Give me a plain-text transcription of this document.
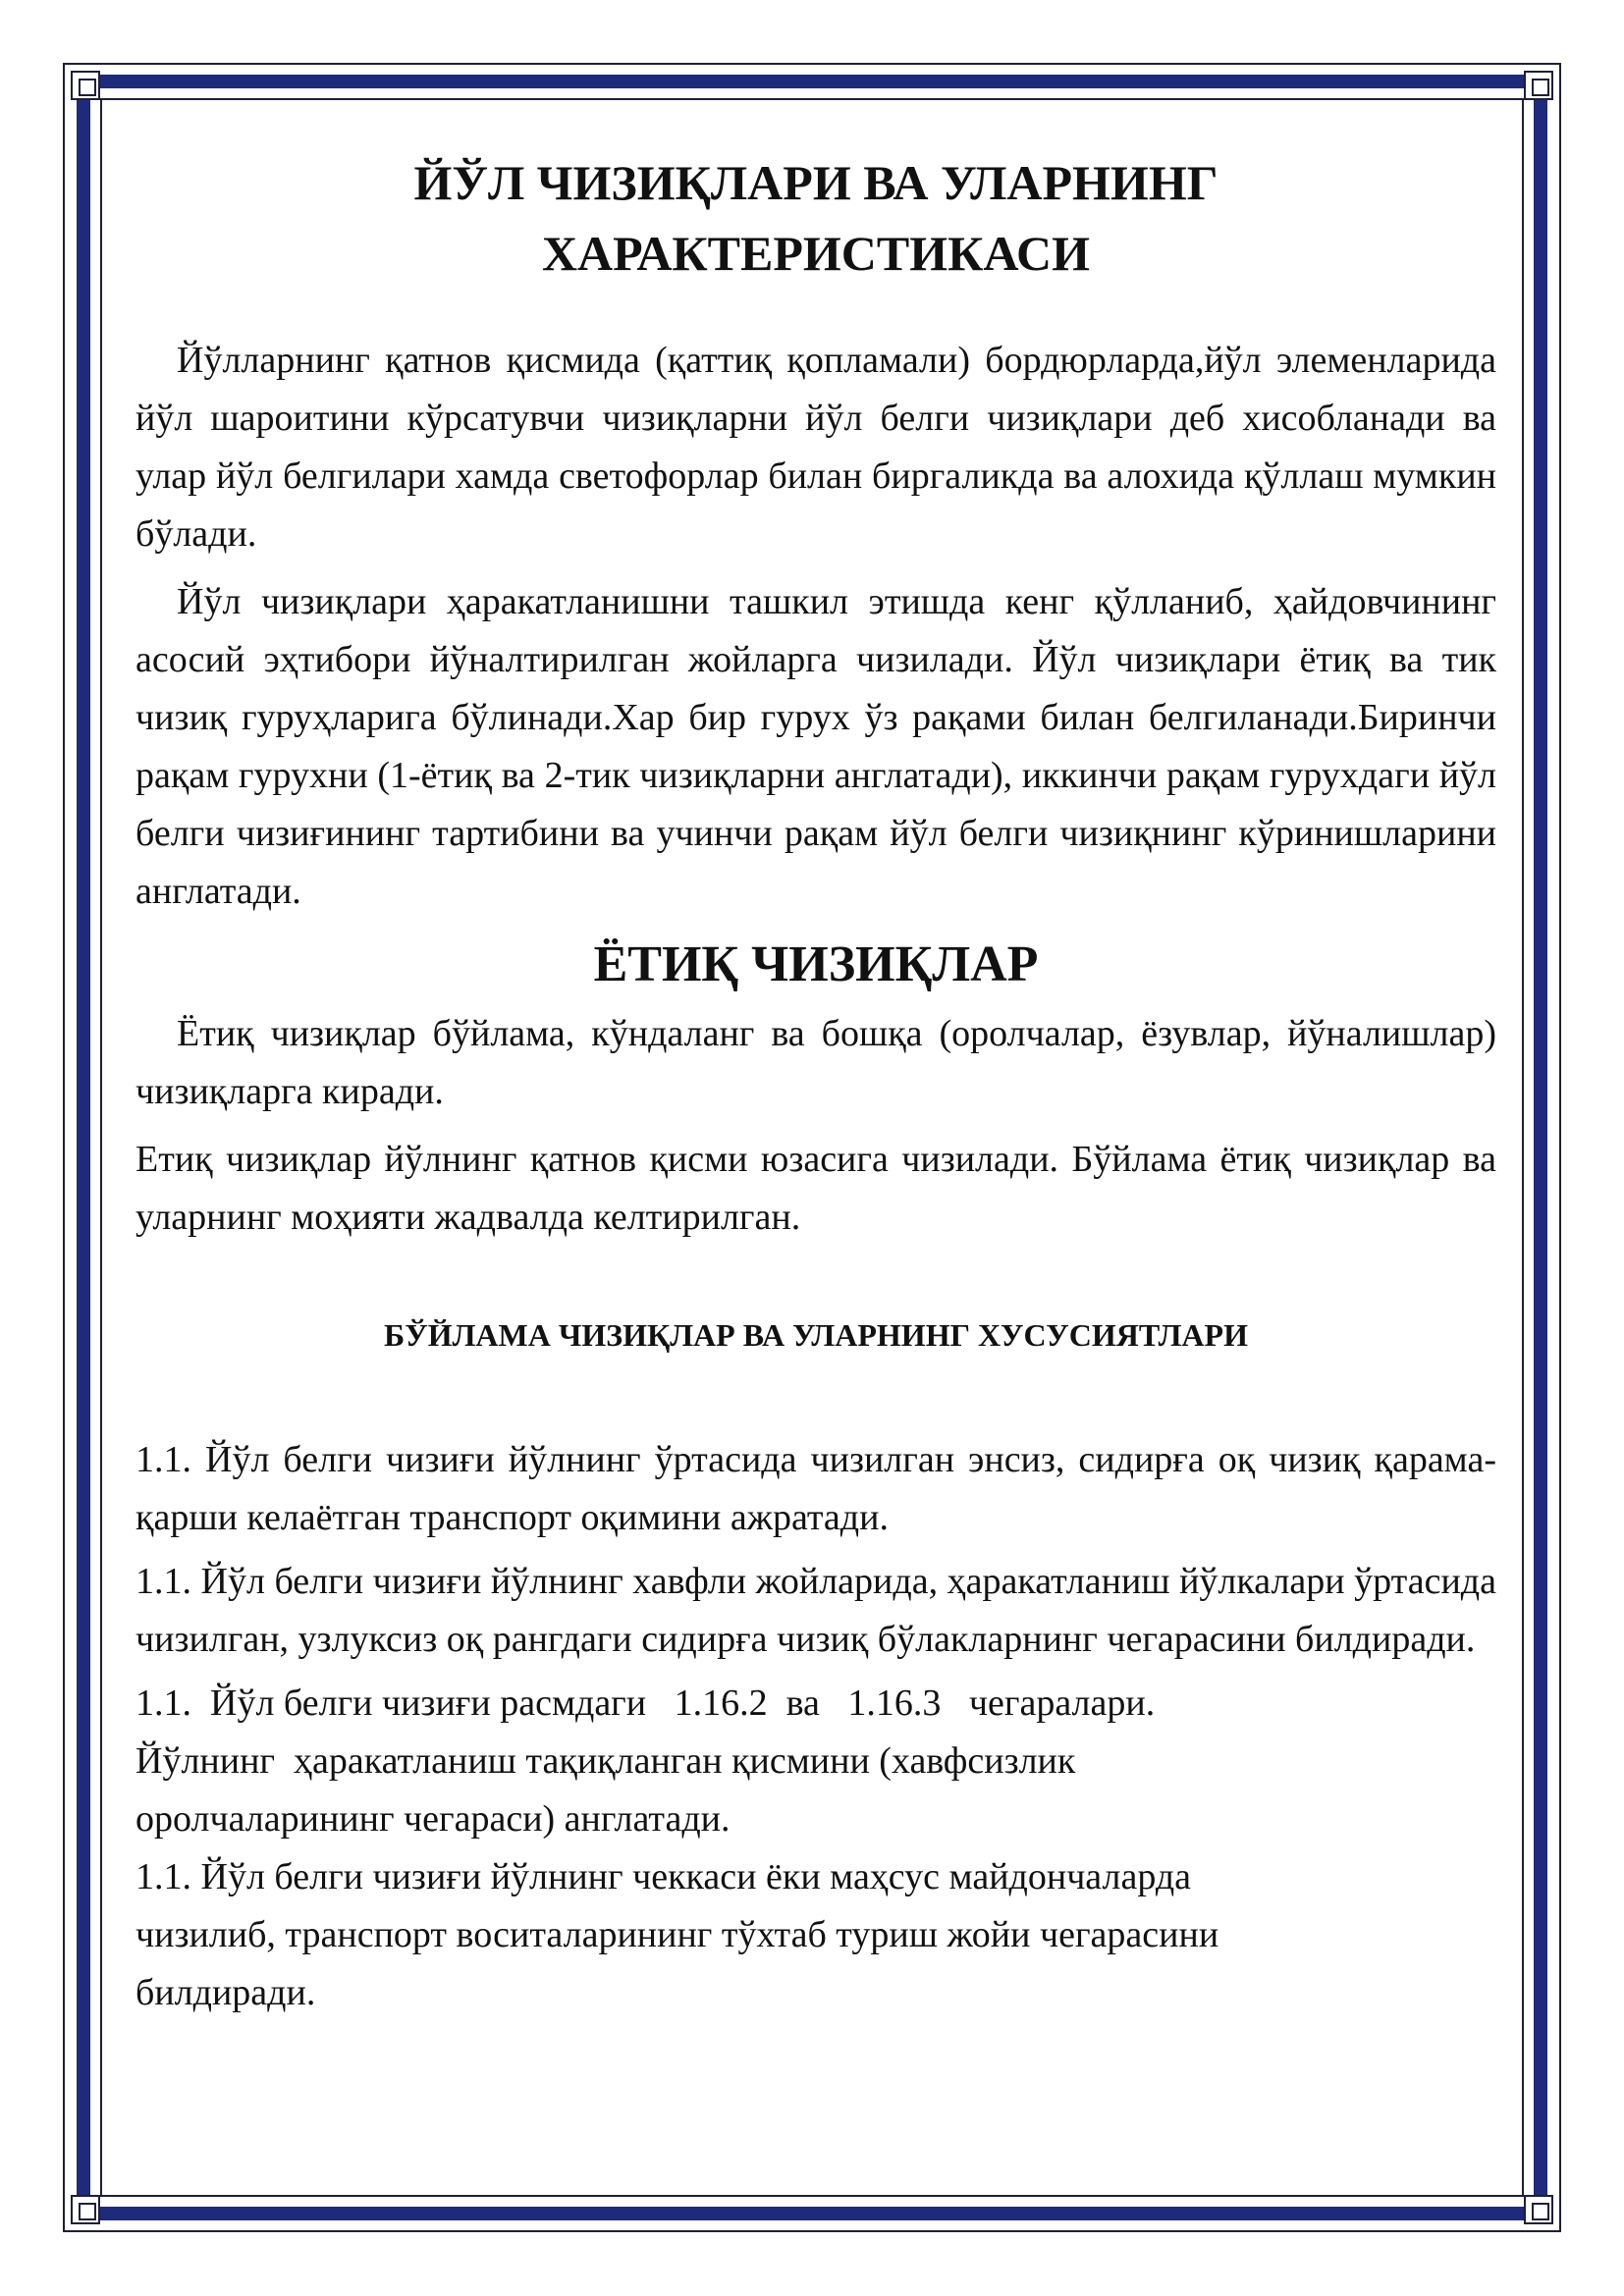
ЙЎЛ ЧИЗИҚЛАРИ ВА УЛАРНИНГ
ХАРАКТЕРИСТИКАСИ

Йўлларнинг қатнов қисмида (қаттиқ қопламали) бордюрларда,йўл элеменларида йўл шароитини кўрсатувчи чизиқларни йўл белги чизиқлари деб хисобланади ва улар йўл белгилари хамда светофорлар билан биргаликда ва алохида қўллаш мумкин бўлади.

Йўл чизиқлари ҳаракатланишни ташкил этишда кенг қўлланиб, ҳайдовчининг асосий эҳтибори йўналтирилган жойларга чизилади. Йўл чизиқлари ётиқ ва тик чизиқ гуруҳларига бўлинади.Хар бир гурух ўз рақами билан белгиланади.Биринчи рақам гурухни (1-ётиқ ва 2-тик чизиқларни англатади), иккинчи рақам гурухдаги йўл белги чизиғининг тартибини ва учинчи рақам йўл белги чизиқнинг кўринишларини англатади.

ЁТИҚ ЧИЗИҚЛАР

Ётиқ чизиқлар бўйлама, кўндаланг ва бошқа (оролчалар, ёзувлар, йўналишлар) чизиқларга киради.

Етиқ чизиқлар йўлнинг қатнов қисми юзасига чизилади. Бўйлама ётиқ чизиқлар ва уларнинг моҳияти жадвалда келтирилган.

БЎЙЛАМА ЧИЗИҚЛАР ВА УЛАРНИНГ ХУСУСИЯТЛАРИ

1.1. Йўл белги чизиғи йўлнинг ўртасида чизилган энсиз, сидирға оқ чизиқ қарама-қарши келаётган транспорт оқимини ажратади.

1.1. Йўл белги чизиғи йўлнинг хавфли жойларида, ҳаракатланиш йўлкалари ўртасида чизилган, узлуксиз оқ рангдаги сидирға чизиқ бўлакларнинг чегарасини билдиради.

1.1.  Йўл белги чизиғи расмдаги   1.16.2  ва   1.16.3   чегаралари.
Йўлнинг  ҳаракатланиш тақиқланган қисмини (хавфсизлик
оролчаларининг чегараси) англатади.

1.1. Йўл белги чизиғи йўлнинг чеккаси ёки маҳсус майдончаларда
чизилиб, транспорт воситаларининг тўхтаб туриш жойи чегарасини
билдиради.
